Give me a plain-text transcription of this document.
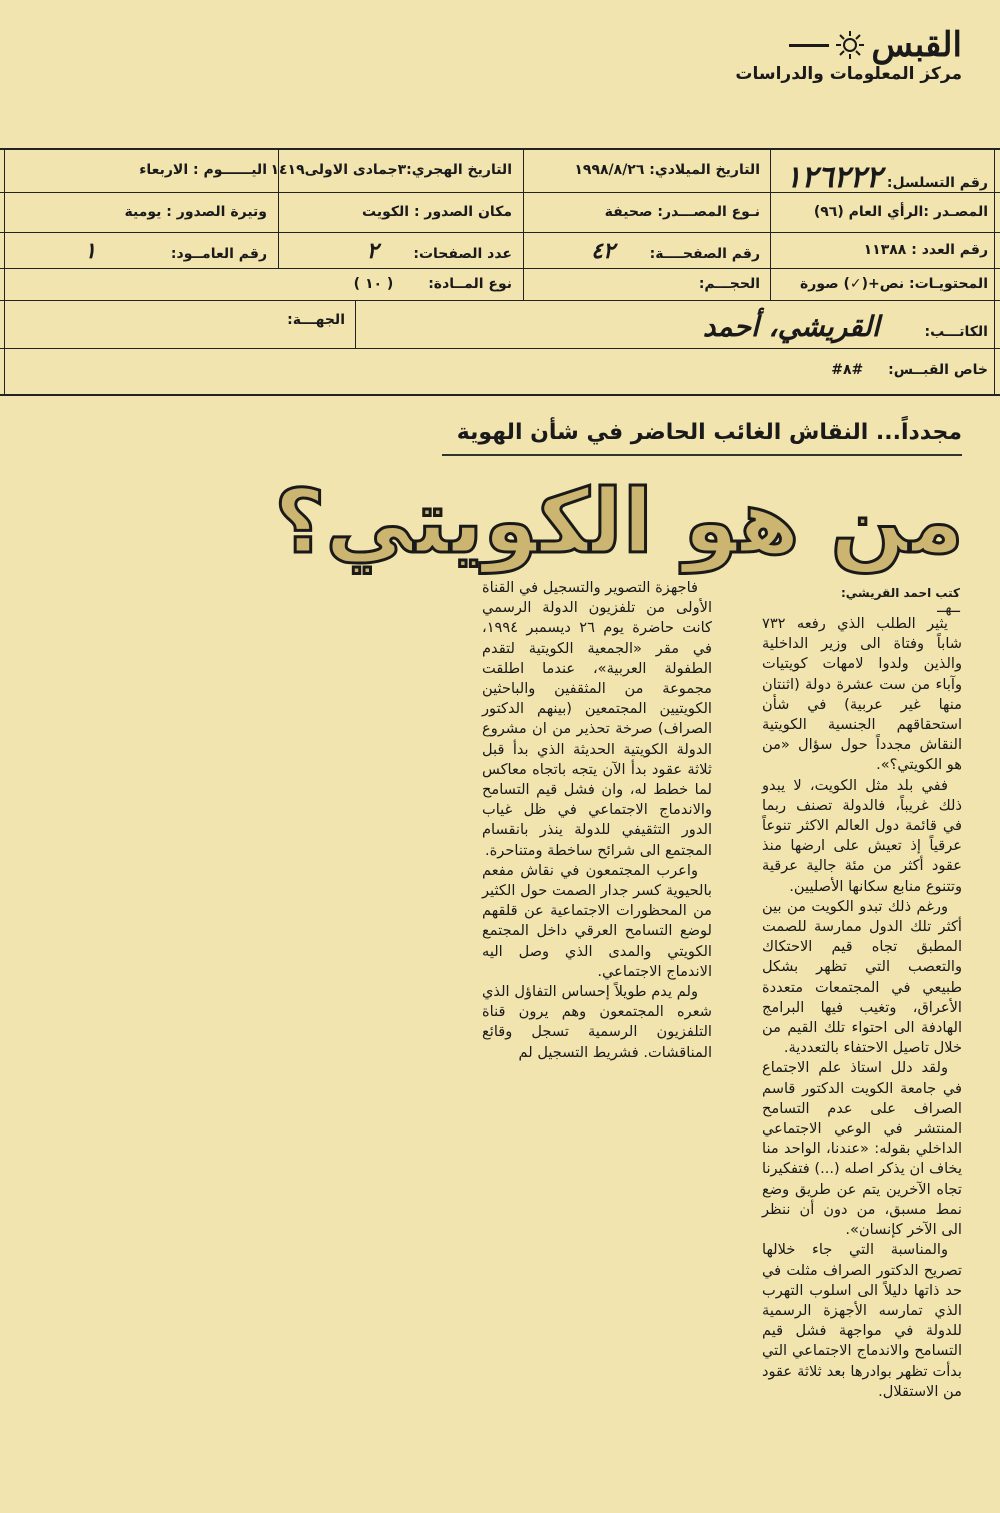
القبس
مركز المعلومات والدراسات
رقم التسلسل: ١٢٦٢٢٢
التاريخ الميلادي: ١٩٩٨/٨/٢٦
التاريخ الهجري:٣جمادى الاولى١٤١٩
اليــــــوم : الاربعاء
المصـدر :الرأي العام (٩٦)
نـوع المصـــدر: صحيفة
مكان الصدور : الكويت
وتيرة الصدور : يومية
رقم العدد : ١١٣٨٨
رقم الصفحــــة: ٤٢
عدد الصفحات: ٢
رقم العامــود: ١
المحتويـات: نص+(✓) صورة
الحجـــم:
نوع المــادة: ( ١٠ )
الكاتـــب: القريشي، أحمد
الجهـــة:
خاص القبــس: #٨#
مجدداً... النقاش الغائب الحاضر في شأن الهوية
من هو الكويتي؟
كتب احمد القريشي:
ــهــ

يثير الطلب الذي رفعه ٧٣٢ شاباً وفتاة الى وزير الداخلية والذين ولدوا لامهات كويتيات وآباء من ست عشرة دولة (اثنتان منها غير عربية) في شأن استحقاقهم الجنسية الكويتية النقاش مجدداً حول سؤال «من هو الكويتي؟».

ففي بلد مثل الكويت، لا يبدو ذلك غريباً، فالدولة تصنف ربما في قائمة دول العالم الاكثر تنوعاً عرقياً إذ تعيش على ارضها منذ عقود أكثر من مئة جالية عرقية وتتنوع منابع سكانها الأصليين.

ورغم ذلك تبدو الكويت من بين أكثر تلك الدول ممارسة للصمت المطبق تجاه قيم الاحتكاك والتعصب التي تظهر بشكل طبيعي في المجتمعات متعددة الأعراق، وتغيب فيها البرامج الهادفة الى احتواء تلك القيم من خلال تاصيل الاحتفاء بالتعددية.

ولقد دلل استاذ علم الاجتماع في جامعة الكويت الدكتور قاسم الصراف على عدم التسامح المنتشر في الوعي الاجتماعي الداخلي بقوله: «عندنا، الواحد منا يخاف ان يذكر اصله (...) فتفكيرنا تجاه الآخرين يتم عن طريق وضع نمط مسبق، من دون أن ننظر الى الآخر كإنسان».

والمناسبة التي جاء خلالها تصريح الدكتور الصراف مثلت في حد ذاتها دليلاً الى اسلوب التهرب الذي تمارسه الأجهزة الرسمية للدولة في مواجهة فشل قيم التسامح والاندماج الاجتماعي التي بدأت تظهر بوادرها بعد ثلاثة عقود من الاستقلال.

فاجهزة التصوير والتسجيل في القناة الأولى من تلفزيون الدولة الرسمي كانت حاضرة يوم ٢٦ ديسمبر ١٩٩٤، في مقر «الجمعية الكويتية لتقدم الطفولة العربية»، عندما اطلقت مجموعة من المثقفين والباحثين الكويتيين المجتمعين (بينهم الدكتور الصراف) صرخة تحذير من ان مشروع الدولة الكويتية الحديثة الذي بدأ قبل ثلاثة عقود بدأ الآن يتجه باتجاه معاكس لما خطط له، وان فشل قيم التسامح والاندماج الاجتماعي في ظل غياب الدور التثقيفي للدولة ينذر بانقسام المجتمع الى شرائح ساخطة ومتناحرة.

واعرب المجتمعون في نقاش مفعم بالحيوية كسر جدار الصمت حول الكثير من المحظورات الاجتماعية عن قلقهم لوضع التسامح العرقي داخل المجتمع الكويتي والمدى الذي وصل اليه الاندماج الاجتماعي.

ولم يدم طويلاً إحساس التفاؤل الذي شعره المجتمعون وهم يرون قناة التلفزيون الرسمية تسجل وقائع المناقشات. فشريط التسجيل لم
